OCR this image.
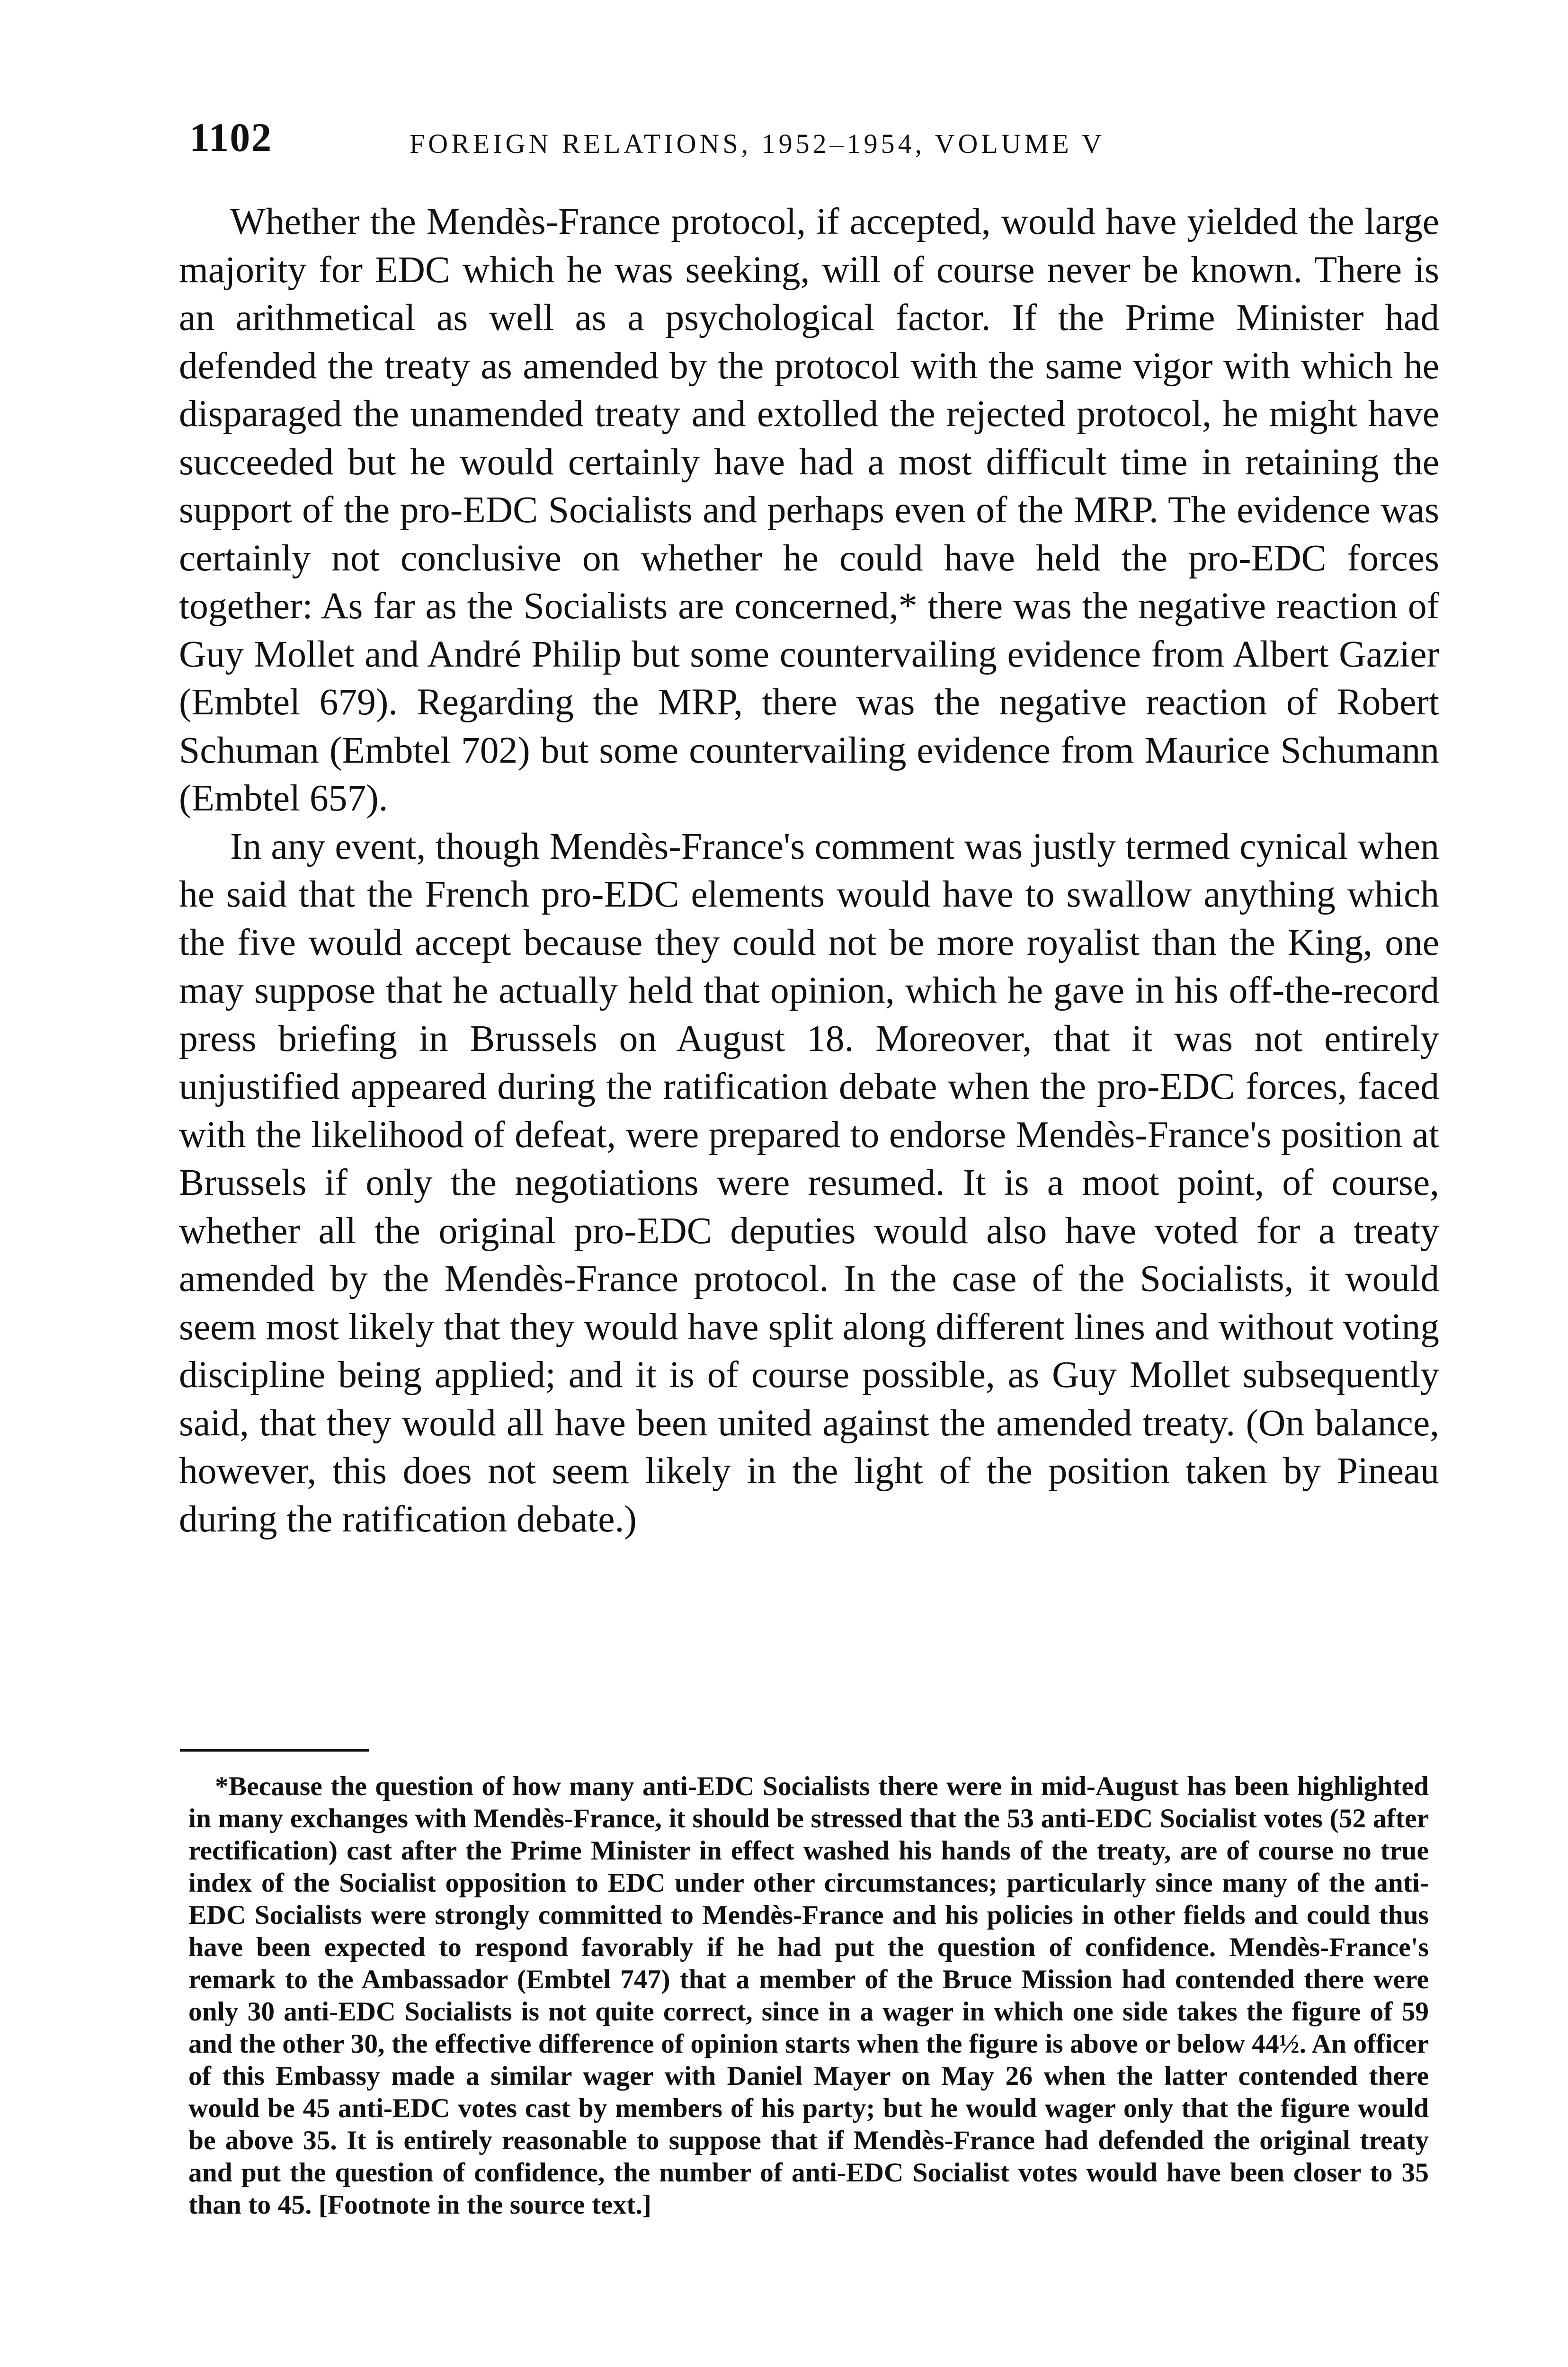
1102	FOREIGN RELATIONS, 1952–1954, VOLUME V

Whether the Mendès-France protocol, if accepted, would have yielded the large majority for EDC which he was seeking, will of course never be known. There is an arithmetical as well as a psychological factor. If the Prime Minister had defended the treaty as amended by the protocol with the same vigor with which he disparaged the unamended treaty and extolled the rejected protocol, he might have succeeded but he would certainly have had a most difficult time in retaining the support of the pro-EDC Socialists and perhaps even of the MRP. The evidence was certainly not conclusive on whether he could have held the pro-EDC forces together: As far as the Socialists are concerned,* there was the negative reaction of Guy Mollet and André Philip but some countervailing evidence from Albert Gazier (Embtel 679). Regarding the MRP, there was the negative reaction of Robert Schuman (Embtel 702) but some countervailing evidence from Maurice Schumann (Embtel 657).

In any event, though Mendès-France's comment was justly termed cynical when he said that the French pro-EDC elements would have to swallow anything which the five would accept because they could not be more royalist than the King, one may suppose that he actually held that opinion, which he gave in his off-the-record press briefing in Brussels on August 18. Moreover, that it was not entirely unjustified appeared during the ratification debate when the pro-EDC forces, faced with the likelihood of defeat, were prepared to endorse Mendès-France's position at Brussels if only the negotiations were resumed. It is a moot point, of course, whether all the original pro-EDC deputies would also have voted for a treaty amended by the Mendès-France protocol. In the case of the Socialists, it would seem most likely that they would have split along different lines and without voting discipline being applied; and it is of course possible, as Guy Mollet subsequently said, that they would all have been united against the amended treaty. (On balance, however, this does not seem likely in the light of the position taken by Pineau during the ratification debate.)

*Because the question of how many anti-EDC Socialists there were in mid-August has been highlighted in many exchanges with Mendès-France, it should be stressed that the 53 anti-EDC Socialist votes (52 after rectification) cast after the Prime Minister in effect washed his hands of the treaty, are of course no true index of the Socialist opposition to EDC under other circumstances; particularly since many of the anti-EDC Socialists were strongly committed to Mendès-France and his policies in other fields and could thus have been expected to respond favorably if he had put the question of confidence. Mendès-France's remark to the Ambassador (Embtel 747) that a member of the Bruce Mission had contended there were only 30 anti-EDC Socialists is not quite correct, since in a wager in which one side takes the figure of 59 and the other 30, the effective difference of opinion starts when the figure is above or below 44½. An officer of this Embassy made a similar wager with Daniel Mayer on May 26 when the latter contended there would be 45 anti-EDC votes cast by members of his party; but he would wager only that the figure would be above 35. It is entirely reasonable to suppose that if Mendès-France had defended the original treaty and put the question of confidence, the number of anti-EDC Socialist votes would have been closer to 35 than to 45. [Footnote in the source text.]
